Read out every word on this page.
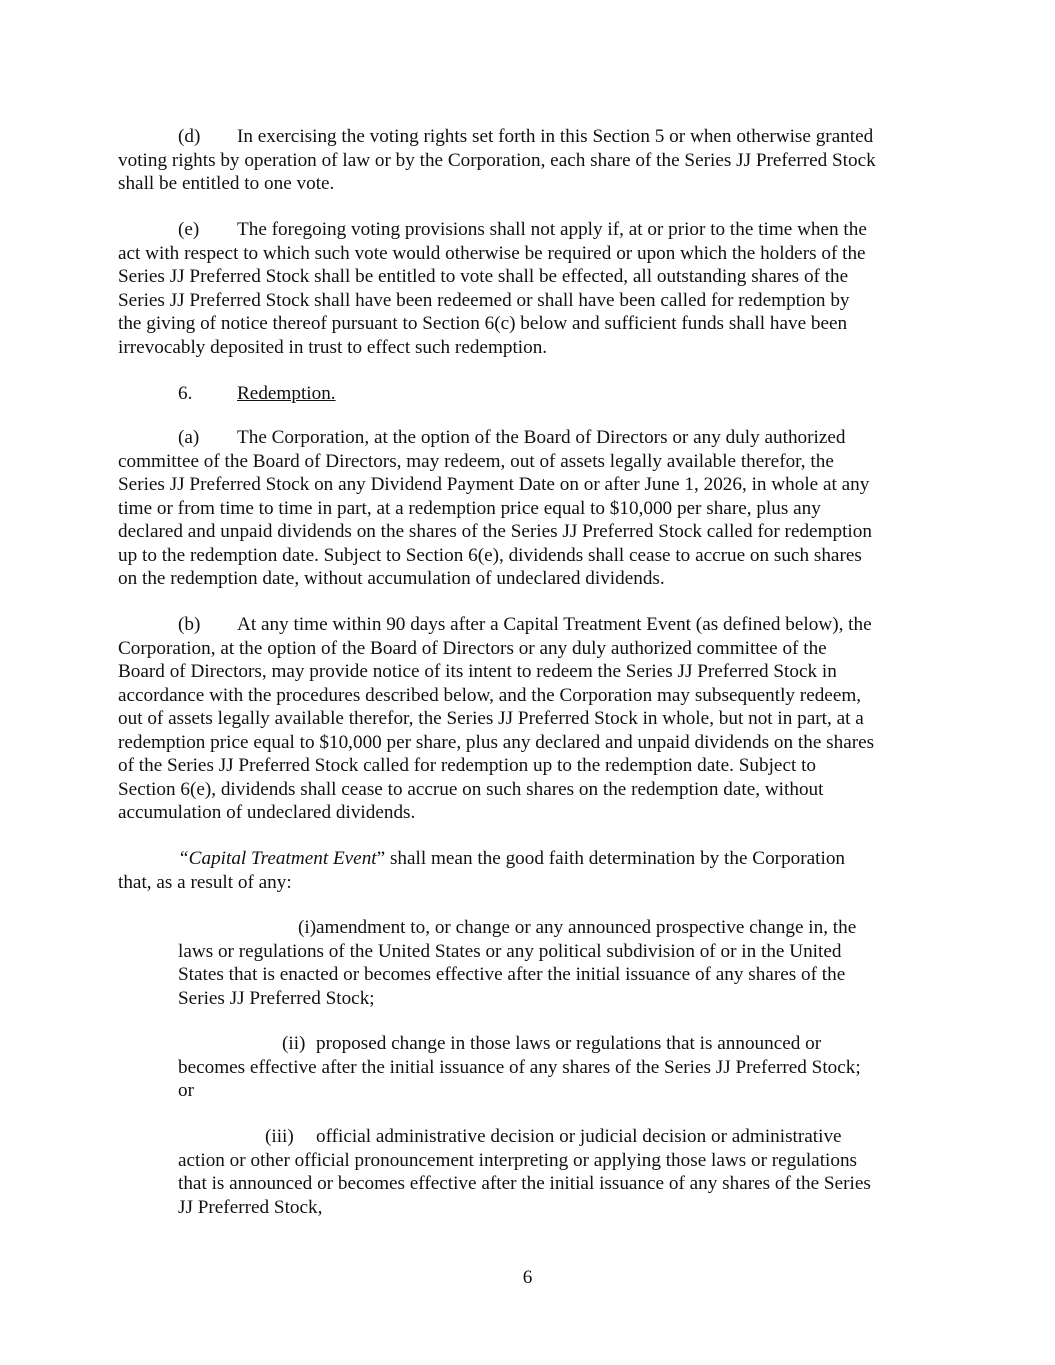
(d) In exercising the voting rights set forth in this Section 5 or when otherwise granted
voting rights by operation of law or by the Corporation, each share of the Series JJ Preferred Stock
shall be entitled to one vote.
(e) The foregoing voting provisions shall not apply if, at or prior to the time when the
act with respect to which such vote would otherwise be required or upon which the holders of the
Series JJ Preferred Stock shall be entitled to vote shall be effected, all outstanding shares of the
Series JJ Preferred Stock shall have been redeemed or shall have been called for redemption by
the giving of notice thereof pursuant to Section 6(c) below and sufficient funds shall have been
irrevocably deposited in trust to effect such redemption.
6. Redemption.
(a) The Corporation, at the option of the Board of Directors or any duly authorized
committee of the Board of Directors, may redeem, out of assets legally available therefor, the
Series JJ Preferred Stock on any Dividend Payment Date on or after June 1, 2026, in whole at any
time or from time to time in part, at a redemption price equal to $10,000 per share, plus any
declared and unpaid dividends on the shares of the Series JJ Preferred Stock called for redemption
up to the redemption date. Subject to Section 6(e), dividends shall cease to accrue on such shares
on the redemption date, without accumulation of undeclared dividends.
(b) At any time within 90 days after a Capital Treatment Event (as defined below), the
Corporation, at the option of the Board of Directors or any duly authorized committee of the
Board of Directors, may provide notice of its intent to redeem the Series JJ Preferred Stock in
accordance with the procedures described below, and the Corporation may subsequently redeem,
out of assets legally available therefor, the Series JJ Preferred Stock in whole, but not in part, at a
redemption price equal to $10,000 per share, plus any declared and unpaid dividends on the shares
of the Series JJ Preferred Stock called for redemption up to the redemption date. Subject to
Section 6(e), dividends shall cease to accrue on such shares on the redemption date, without
accumulation of undeclared dividends.
“Capital Treatment Event” shall mean the good faith determination by the Corporation
that, as a result of any:
(i)amendment to, or change or any announced prospective change in, the
laws or regulations of the United States or any political subdivision of or in the United
States that is enacted or becomes effective after the initial issuance of any shares of the
Series JJ Preferred Stock;
(ii) proposed change in those laws or regulations that is announced or
becomes effective after the initial issuance of any shares of the Series JJ Preferred Stock;
or
(iii) official administrative decision or judicial decision or administrative
action or other official pronouncement interpreting or applying those laws or regulations
that is announced or becomes effective after the initial issuance of any shares of the Series
JJ Preferred Stock,
6
